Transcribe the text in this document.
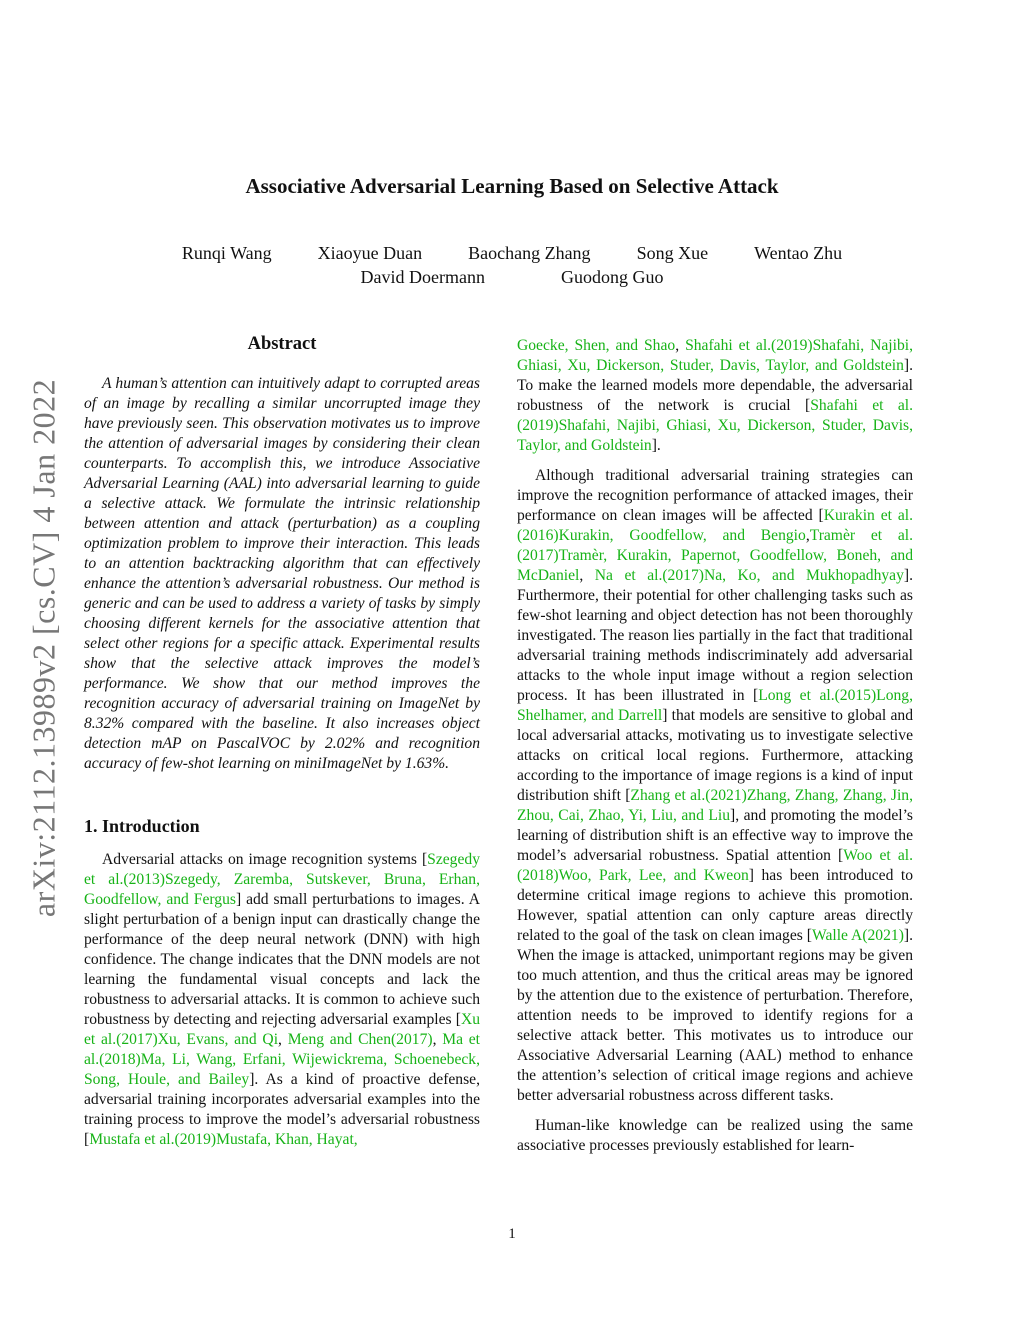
Associative Adversarial Learning Based on Selective Attack
Runqi Wang	Xiaoyue Duan	Baochang Zhang	Song Xue	Wentao Zhu
David Doermann	Guodong Guo
arXiv:2112.13989v2 [cs.CV] 4 Jan 2022
Abstract

A human’s attention can intuitively adapt to corrupted areas of an image by recalling a similar uncorrupted image they have previously seen. This observation motivates us to improve the attention of adversarial images by considering their clean counterparts. To accomplish this, we introduce Associative Adversarial Learning (AAL) into adversarial learning to guide a selective attack. We formulate the intrinsic relationship between attention and attack (perturbation) as a coupling optimization problem to improve their interaction. This leads to an attention backtracking algorithm that can effectively enhance the attention’s adversarial robustness. Our method is generic and can be used to address a variety of tasks by simply choosing different kernels for the associative attention that select other regions for a specific attack. Experimental results show that the selective attack improves the model’s performance. We show that our method improves the recognition accuracy of adversarial training on ImageNet by 8.32% compared with the baseline. It also increases object detection mAP on PascalVOC by 2.02% and recognition accuracy of few-shot learning on miniImageNet by 1.63%.

1. Introduction

Adversarial attacks on image recognition systems [Szegedy et al.(2013)Szegedy, Zaremba, Sutskever, Bruna, Erhan, Goodfellow, and Fergus] add small perturbations to images. A slight perturbation of a benign input can drastically change the performance of the deep neural network (DNN) with high confidence. The change indicates that the DNN models are not learning the fundamental visual concepts and lack the robustness to adversarial attacks. It is common to achieve such robustness by detecting and rejecting adversarial examples [Xu et al.(2017)Xu, Evans, and Qi, Meng and Chen(2017), Ma et al.(2018)Ma, Li, Wang, Erfani, Wijewickrema, Schoenebeck, Song, Houle, and Bailey]. As a kind of proactive defense, adversarial training incorporates adversarial examples into the training process to improve the model’s adversarial robustness [Mustafa et al.(2019)Mustafa, Khan, Hayat,

Goecke, Shen, and Shao, Shafahi et al.(2019)Shafahi, Najibi, Ghiasi, Xu, Dickerson, Studer, Davis, Taylor, and Goldstein]. To make the learned models more dependable, the adversarial robustness of the network is crucial [Shafahi et al.(2019)Shafahi, Najibi, Ghiasi, Xu, Dickerson, Studer, Davis, Taylor, and Goldstein].

Although traditional adversarial training strategies can improve the recognition performance of attacked images, their performance on clean images will be affected [Kurakin et al.(2016)Kurakin, Goodfellow, and Bengio,Tramèr et al.(2017)Tramèr, Kurakin, Papernot, Goodfellow, Boneh, and McDaniel, Na et al.(2017)Na, Ko, and Mukhopadhyay]. Furthermore, their potential for other challenging tasks such as few-shot learning and object detection has not been thoroughly investigated. The reason lies partially in the fact that traditional adversarial training methods indiscriminately add adversarial attacks to the whole input image without a region selection process. It has been illustrated in [Long et al.(2015)Long, Shelhamer, and Darrell] that models are sensitive to global and local adversarial attacks, motivating us to investigate selective attacks on critical local regions. Furthermore, attacking according to the importance of image regions is a kind of input distribution shift [Zhang et al.(2021)Zhang, Zhang, Zhang, Jin, Zhou, Cai, Zhao, Yi, Liu, and Liu], and promoting the model’s learning of distribution shift is an effective way to improve the model’s adversarial robustness. Spatial attention [Woo et al.(2018)Woo, Park, Lee, and Kweon] has been introduced to determine critical image regions to achieve this promotion. However, spatial attention can only capture areas directly related to the goal of the task on clean images [Walle A(2021)]. When the image is attacked, unimportant regions may be given too much attention, and thus the critical areas may be ignored by the attention due to the existence of perturbation. Therefore, attention needs to be improved to identify regions for a selective attack better. This motivates us to introduce our Associative Adversarial Learning (AAL) method to enhance the attention’s selection of critical image regions and achieve better adversarial robustness across different tasks.

Human-like knowledge can be realized using the same associative processes previously established for learn-

1
